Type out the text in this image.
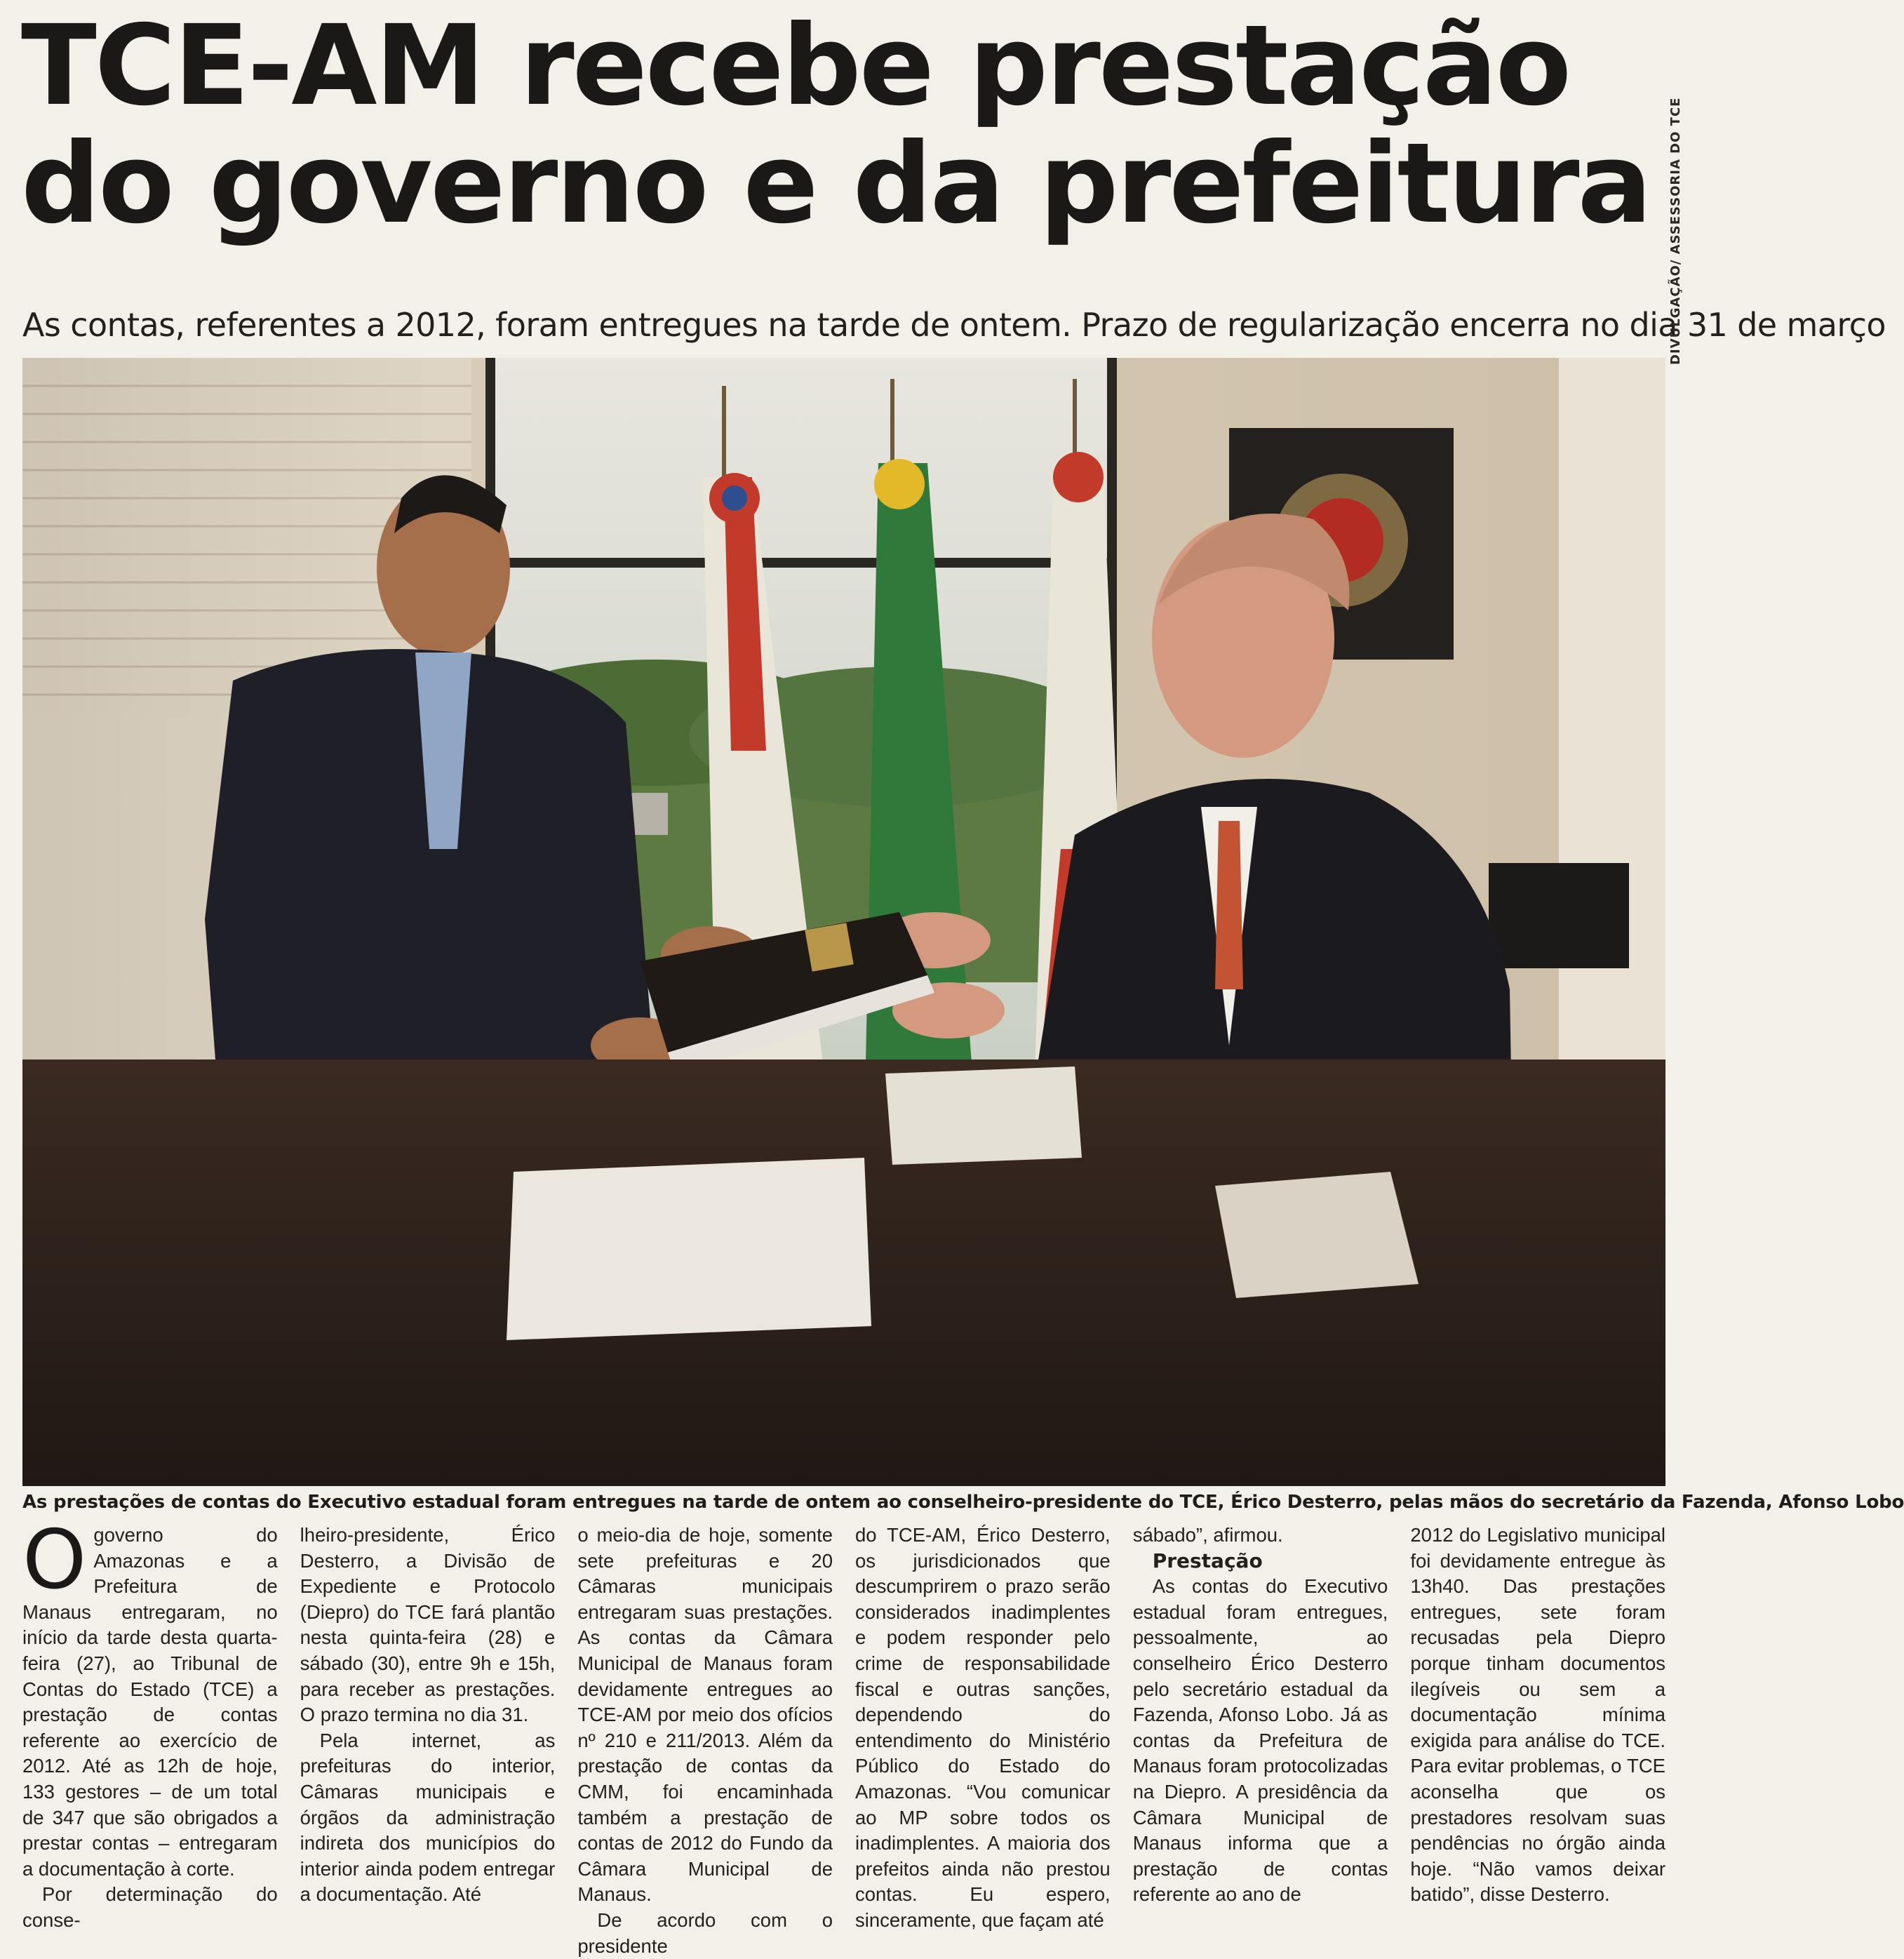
TCE-AM recebe prestação
do governo e da prefeitura
As contas, referentes a 2012, foram entregues na tarde de ontem. Prazo de regularização encerra no dia 31 de março
DIVULGAÇÃO/ ASSESSORIA DO TCE
As prestações de contas do Executivo estadual foram entregues na tarde de ontem ao conselheiro-presidente do TCE, Érico Desterro, pelas mãos do secretário da Fazenda, Afonso Lobo

Ogoverno do Amazonas e a Prefeitura de Manaus entregaram, no início da tarde desta quarta-feira (27), ao Tribunal de Contas do Estado (TCE) a prestação de contas referente ao exercício de 2012. Até as 12h de hoje, 133 gestores – de um total de 347 que são obrigados a prestar contas – entregaram a documentação à corte.

Por determinação do conse-

lheiro-presidente, Érico Desterro, a Divisão de Expediente e Protocolo (Diepro) do TCE fará plantão nesta quinta-feira (28) e sábado (30), entre 9h e 15h, para receber as prestações. O prazo termina no dia 31.

Pela internet, as prefeituras do interior, Câmaras municipais e órgãos da administração indireta dos municípios do interior ainda podem entregar a documentação. Até

o meio-dia de hoje, somente sete prefeituras e 20 Câmaras municipais entregaram suas prestações. As contas da Câmara Municipal de Manaus foram devidamente entregues ao TCE-AM por meio dos ofícios nº 210 e 211/2013. Além da prestação de contas da CMM, foi encaminhada também a prestação de contas de 2012 do Fundo da Câmara Municipal de Manaus.

De acordo com o presidente

do TCE-AM, Érico Desterro, os jurisdicionados que descumprirem o prazo serão considerados inadimplentes e podem responder pelo crime de responsabilidade fiscal e outras sanções, dependendo do entendimento do Ministério Público do Estado do Amazonas. “Vou comunicar ao MP sobre todos os inadimplentes. A maioria dos prefeitos ainda não prestou contas. Eu espero, sinceramente, que façam até

sábado”, afirmou.

Prestação

As contas do Executivo estadual foram entregues, pessoalmente, ao conselheiro Érico Desterro pelo secretário estadual da Fazenda, Afonso Lobo. Já as contas da Prefeitura de Manaus foram protocolizadas na Diepro. A presidência da Câmara Municipal de Manaus informa que a prestação de contas referente ao ano de

2012 do Legislativo municipal foi devidamente entregue às 13h40. Das prestações entregues, sete foram recusadas pela Diepro porque tinham documentos ilegíveis ou sem a documentação mínima exigida para análise do TCE. Para evitar problemas, o TCE aconselha que os prestadores resolvam suas pendências no órgão ainda hoje. “Não vamos deixar batido”, disse Desterro.
